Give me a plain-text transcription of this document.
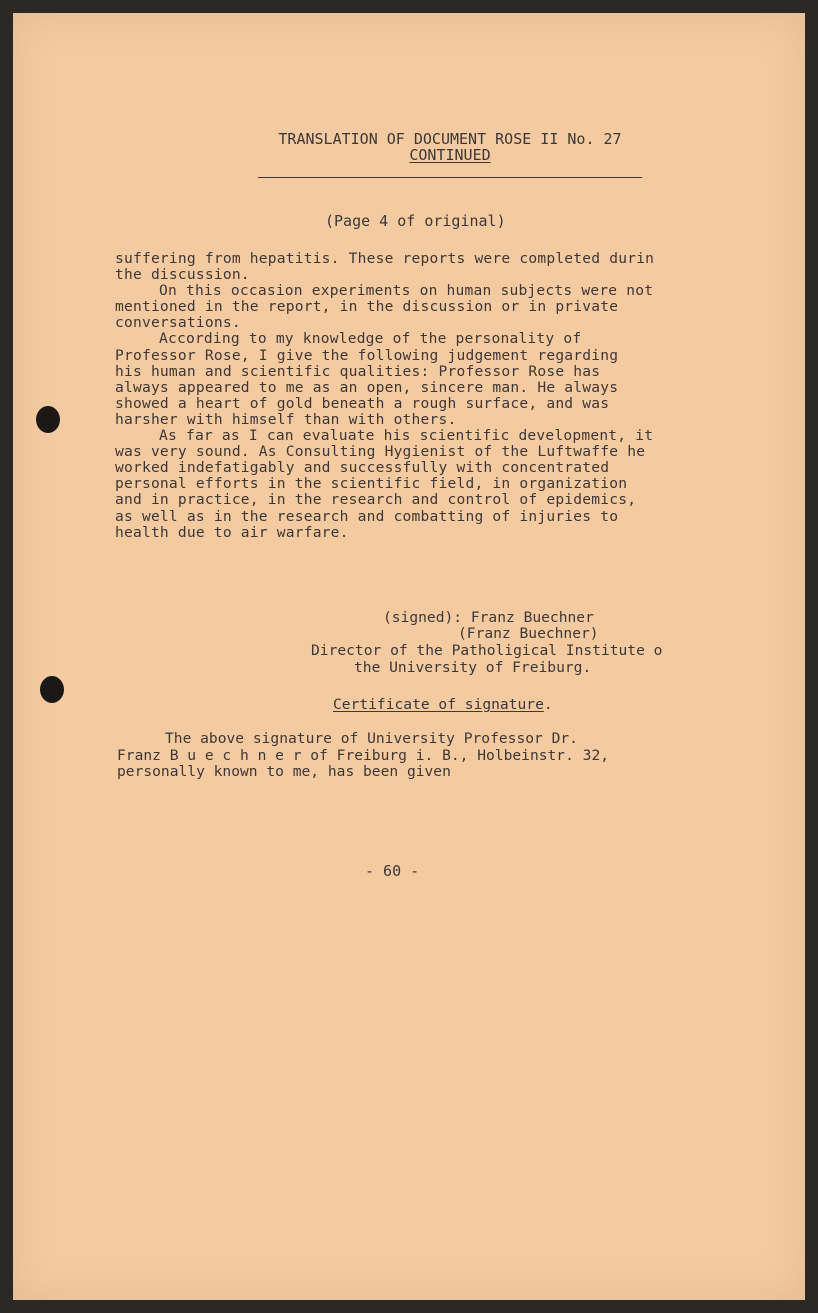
TRANSLATION OF DOCUMENT ROSE II No. 27
CONTINUED
(Page 4 of original)
suffering from hepatitis. These reports were completed durin
the discussion.
On this occasion experiments on human subjects were not
mentioned in the report, in the discussion or in private
conversations.
According to my knowledge of the personality of
Professor Rose, I give the following judgement regarding
his human and scientific qualities: Professor Rose has
always appeared to me as an open, sincere man. He always
showed a heart of gold beneath a rough surface, and was
harsher with himself than with others.
As far as I can evaluate his scientific development, it
was very sound. As Consulting Hygienist of the Luftwaffe he
worked indefatigably and successfully with concentrated
personal efforts in the scientific field, in organization
and in practice, in the research and control of epidemics,
as well as in the research and combatting of injuries to
health due to air warfare.
(signed): Franz Buechner
(Franz Buechner)
Director of the Patholigical Institute o
the University of Freiburg.
Certificate of signature.
The above signature of University Professor Dr.
Franz B u e c h n e r of Freiburg i. B., Holbeinstr. 32,
personally known to me, has been given
- 60 -
